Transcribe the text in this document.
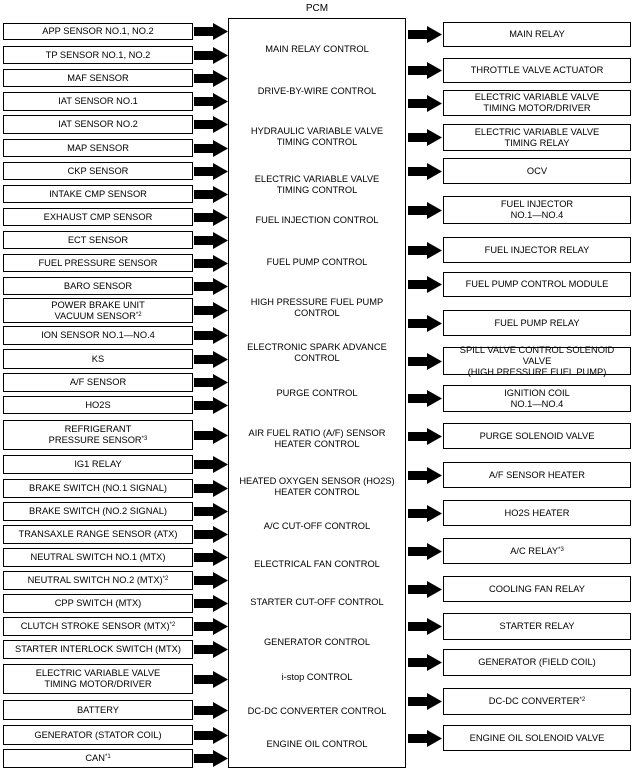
PCM
APP SENSOR NO.1, NO.2
TP SENSOR NO.1, NO.2
MAF SENSOR
IAT SENSOR NO.1
IAT SENSOR NO.2
MAP SENSOR
CKP SENSOR
INTAKE CMP SENSOR
EXHAUST CMP SENSOR
ECT SENSOR
FUEL PRESSURE SENSOR
BARO SENSOR
POWER BRAKE UNIT
VACUUM SENSOR$^{*2}$
ION SENSOR NO.1—NO.4
KS
A/F SENSOR
HO2S
REFRIGERANT
PRESSURE SENSOR$^{*3}$
IG1 RELAY
BRAKE SWITCH (NO.1 SIGNAL)
BRAKE SWITCH (NO.2 SIGNAL)
TRANSAXLE RANGE SENSOR (ATX)
NEUTRAL SWITCH NO.1 (MTX)
NEUTRAL SWITCH NO.2 (MTX)$^{*2}$
CPP SWITCH (MTX)
CLUTCH STROKE SENSOR (MTX)$^{*2}$
STARTER INTERLOCK SWITCH (MTX)
ELECTRIC VARIABLE VALVE
TIMING MOTOR/DRIVER
BATTERY
GENERATOR (STATOR COIL)
CAN$^{*1}$
MAIN RELAY CONTROL
DRIVE-BY-WIRE CONTROL
HYDRAULIC VARIABLE VALVE
TIMING CONTROL
ELECTRIC VARIABLE VALVE
TIMING CONTROL
FUEL INJECTION CONTROL
FUEL PUMP CONTROL
HIGH PRESSURE FUEL PUMP
CONTROL
ELECTRONIC SPARK ADVANCE
CONTROL
PURGE CONTROL
AIR FUEL RATIO (A/F) SENSOR
HEATER CONTROL
HEATED OXYGEN SENSOR (HO2S)
HEATER CONTROL
A/C CUT-OFF CONTROL
ELECTRICAL FAN CONTROL
STARTER CUT-OFF CONTROL
GENERATOR CONTROL
i-stop CONTROL
DC-DC CONVERTER CONTROL
ENGINE OIL CONTROL
MAIN RELAY
THROTTLE VALVE ACTUATOR
ELECTRIC VARIABLE VALVE
TIMING MOTOR/DRIVER
ELECTRIC VARIABLE VALVE
TIMING RELAY
OCV
FUEL INJECTOR
NO.1—NO.4
FUEL INJECTOR RELAY
FUEL PUMP CONTROL MODULE
FUEL PUMP RELAY
SPILL VALVE CONTROL SOLENOID VALVE
(HIGH PRESSURE FUEL PUMP)
IGNITION COIL
NO.1—NO.4
PURGE SOLENOID VALVE
A/F SENSOR HEATER
HO2S HEATER
A/C RELAY$^{*3}$
COOLING FAN RELAY
STARTER RELAY
GENERATOR (FIELD COIL)
DC-DC CONVERTER$^{*2}$
ENGINE OIL SOLENOID VALVE
